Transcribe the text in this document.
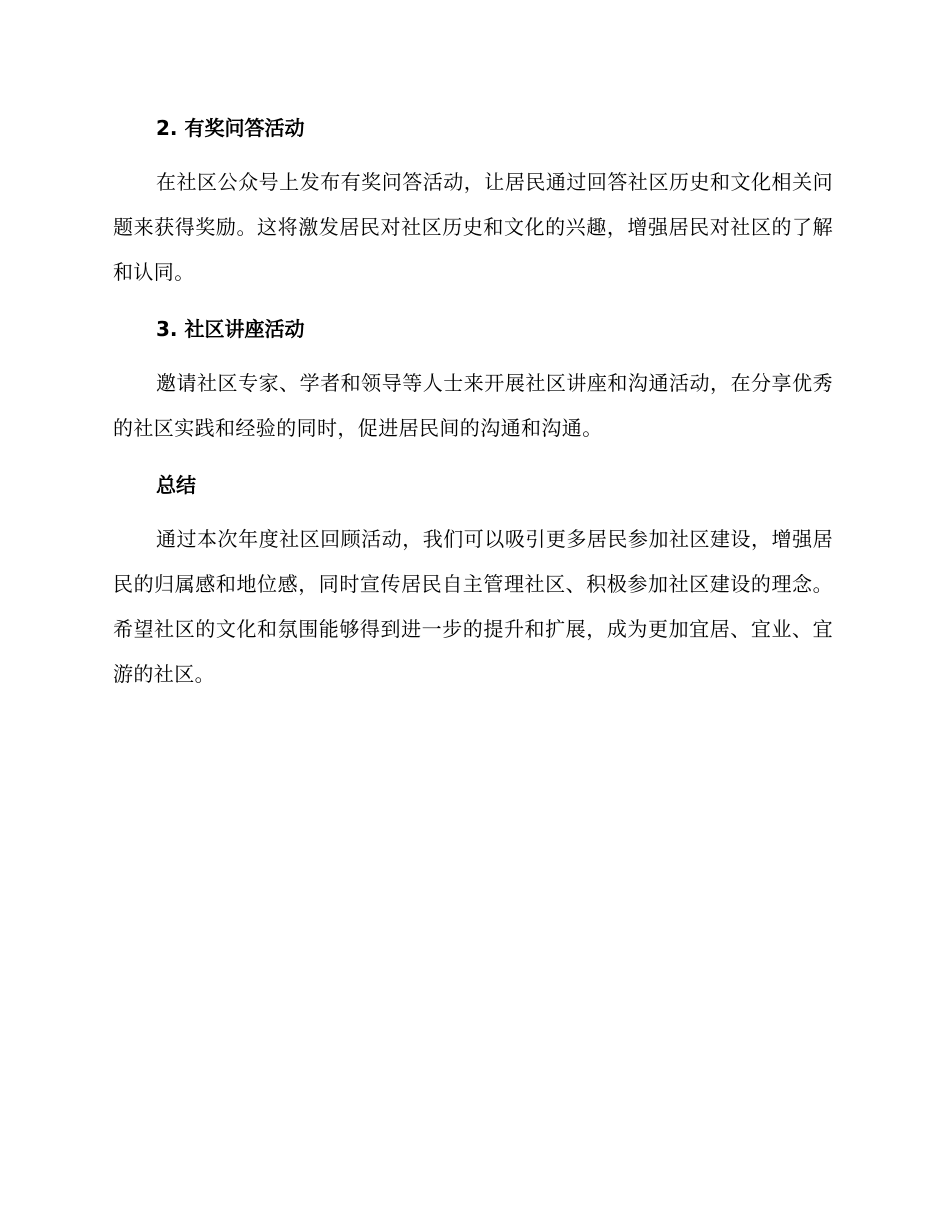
2. 有奖问答活动

在社区公众号上发布有奖问答活动，让居民通过回答社区历史和文化相关问题来获得奖励。这将激发居民对社区历史和文化的兴趣，增强居民对社区的了解和认同。

3. 社区讲座活动

邀请社区专家、学者和领导等人士来开展社区讲座和沟通活动，在分享优秀的社区实践和经验的同时，促进居民间的沟通和沟通。

总结

通过本次年度社区回顾活动，我们可以吸引更多居民参加社区建设，增强居民的归属感和地位感，同时宣传居民自主管理社区、积极参加社区建设的理念。希望社区的文化和氛围能够得到进一步的提升和扩展，成为更加宜居、宜业、宜游的社区。
